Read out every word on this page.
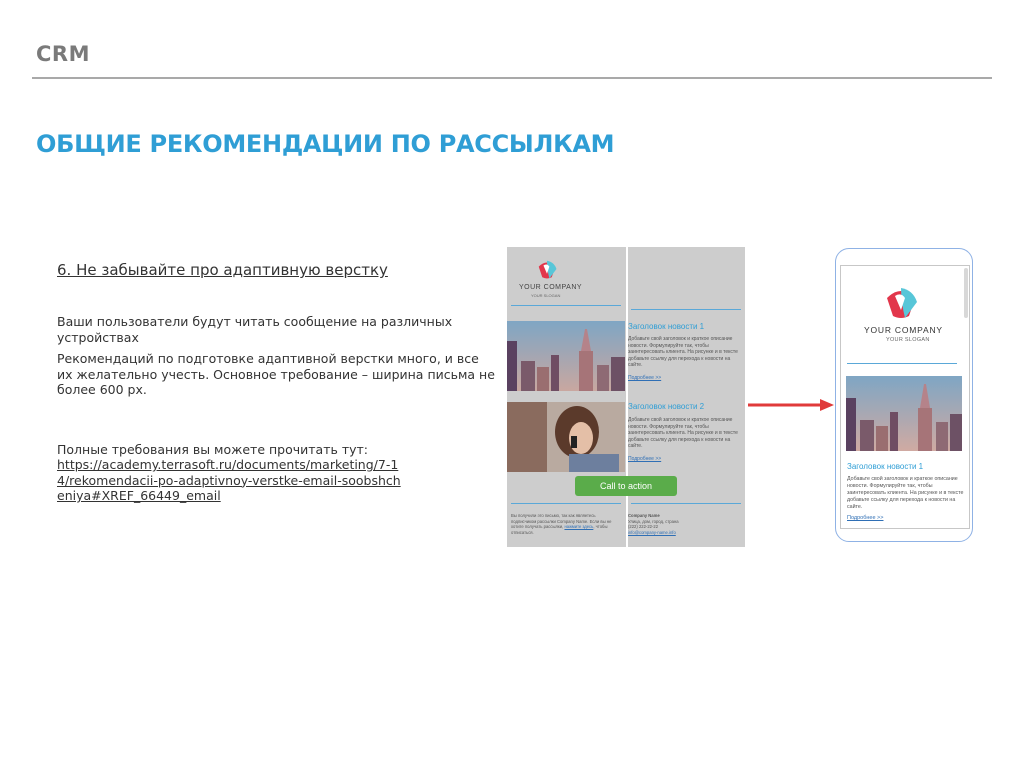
CRM
ОБЩИЕ РЕКОМЕНДАЦИИ ПО РАССЫЛКАМ
6. Не забывайте про адаптивную верстку
Ваши пользователи будут читать сообщение на различных устройствах
Рекомендаций по подготовке адаптивной верстки много, и все их желательно учесть. Основное требование – ширина письма не более 600 px.
Полные требования вы можете прочитать тут:
https://academy.terrasoft.ru/documents/marketing/7-14/rekomendacii-po-adaptivnoy-verstke-email-soobshcheniya#XREF_66449_email
YOUR COMPANY
YOUR SLOGAN
Заголовок новости 1
Добавьте свой заголовок и краткое описание новости. Формулируйте так, чтобы заинтересовать клиента. На рисунке и в тексте добавьте ссылку для перехода к новости на сайте.
Подробнее >>
Заголовок новости 2
Добавьте свой заголовок и краткое описание новости. Формулируйте так, чтобы заинтересовать клиента. На рисунке и в тексте добавьте ссылку для перехода к новости на сайте.
Подробнее >>
Call to action
Вы получили это письмо, так как являетесь подписчиком рассылки Company Name. Если вы не хотите получать рассылки, нажмите здесь, чтобы отписаться.
Company Name
Улица, дом, город, страна
(222) 222-22-22
info@company-name.info
YOUR COMPANY
YOUR SLOGAN
Заголовок новости 1
Добавьте свой заголовок и краткое описание новости. Формулируйте так, чтобы заинтересовать клиента. На рисунке и в тексте добавьте ссылку для перехода к новости на сайте.
Подробнее >>
